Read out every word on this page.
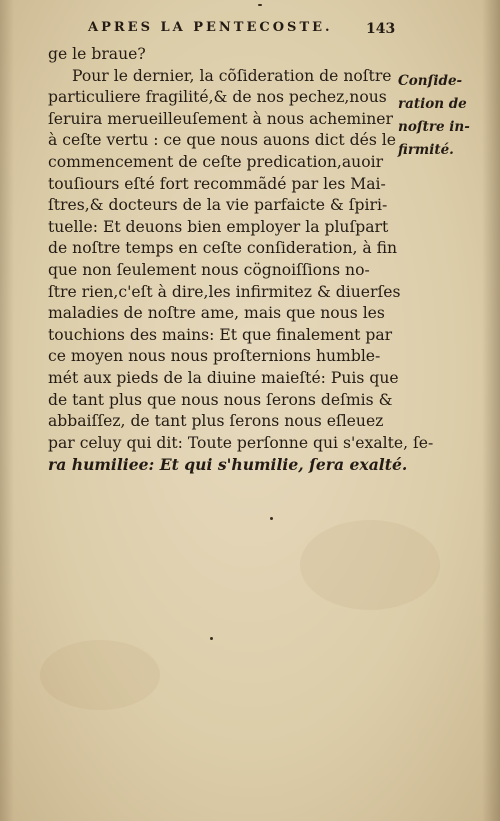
APRES LA PENTECOSTE.	143
ge le braue?
Pour le dernier, la cõſideration de noſtre
particuliere fragilité,& de nos pechez,nous
ſeruira merueilleuſement à nous acheminer
à ceſte vertu : ce que nous auons dict dés le
commencement de ceſte predication,auoir
touſiours eſté fort recommãdé par les Mai-
ſtres,& docteurs de la vie parfaicte & ſpiri-
tuelle: Et deuons bien employer la pluſpart
de noſtre temps en ceſte conſideration, à fin
que non ſeulement nous cögnoiſſions no-
ſtre rien,c'eſt à dire,les infirmitez & diuerſes
maladies de noſtre ame, mais que nous les
touchions des mains: Et que finalement par
ce moyen nous nous proſternions humble-
mét aux pieds de la diuine maieſté: Puis que
de tant plus que nous nous ſerons deſmis &
abbaiſſez, de tant plus ſerons nous eſleuez
par celuy qui dit: Toute perſonne qui s'exalte, ſe-
ra humiliee: Et qui s'humilie, ſera exalté.
Conſide-
ration de
noſtre in-
firmité.
